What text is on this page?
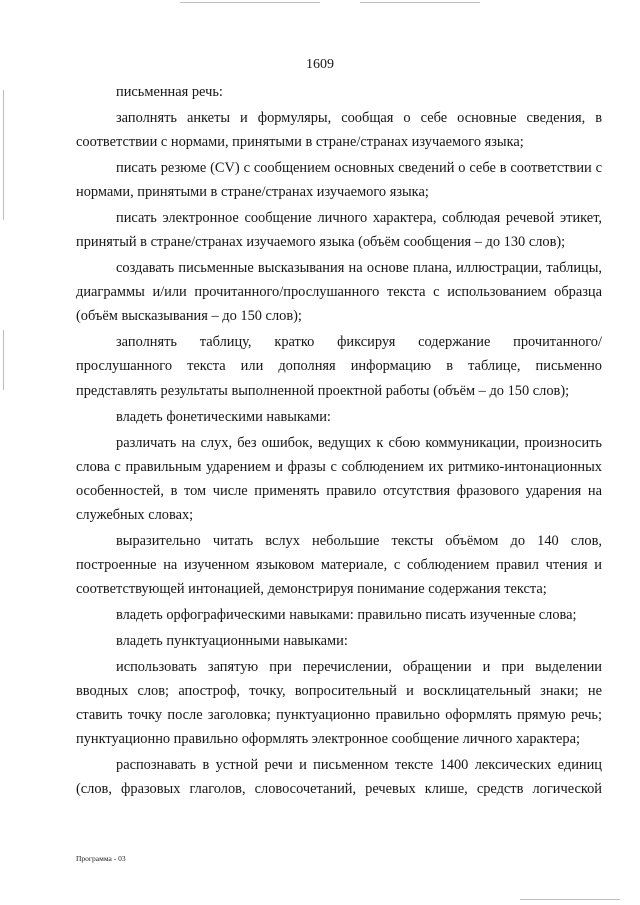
1609

письменная речь:

заполнять анкеты и формуляры, сообщая о себе основные сведения, в соответствии с нормами, принятыми в стране/странах изучаемого языка;

писать резюме (CV) с сообщением основных сведений о себе в соответствии с нормами, принятыми в стране/странах изучаемого языка;

писать электронное сообщение личного характера, соблюдая речевой этикет, принятый в стране/странах изучаемого языка (объём сообщения – до 130 слов);

создавать письменные высказывания на основе плана, иллюстрации, таблицы, диаграммы и/или прочитанного/прослушанного текста с использованием образца (объём высказывания – до 150 слов);

заполнять таблицу, кратко фиксируя содержание прочитанного/ прослушанного текста или дополняя информацию в таблице, письменно представлять результаты выполненной проектной работы (объём – до 150 слов);

владеть фонетическими навыками:

различать на слух, без ошибок, ведущих к сбою коммуникации, произносить слова с правильным ударением и фразы с соблюдением их ритмико-интонационных особенностей, в том числе применять правило отсутствия фразового ударения на служебных словах;

выразительно читать вслух небольшие тексты объёмом до 140 слов, построенные на изученном языковом материале, с соблюдением правил чтения и соответствующей интонацией, демонстрируя понимание содержания текста;

владеть орфографическими навыками: правильно писать изученные слова;

владеть пунктуационными навыками:

использовать запятую при перечислении, обращении и при выделении вводных слов; апостроф, точку, вопросительный и восклицательный знаки; не ставить точку после заголовка; пунктуационно правильно оформлять прямую речь; пунктуационно правильно оформлять электронное сообщение личного характера;

распознавать в устной речи и письменном тексте 1400 лексических единиц (слов, фразовых глаголов, словосочетаний, речевых клише, средств логической

Программа - 03
